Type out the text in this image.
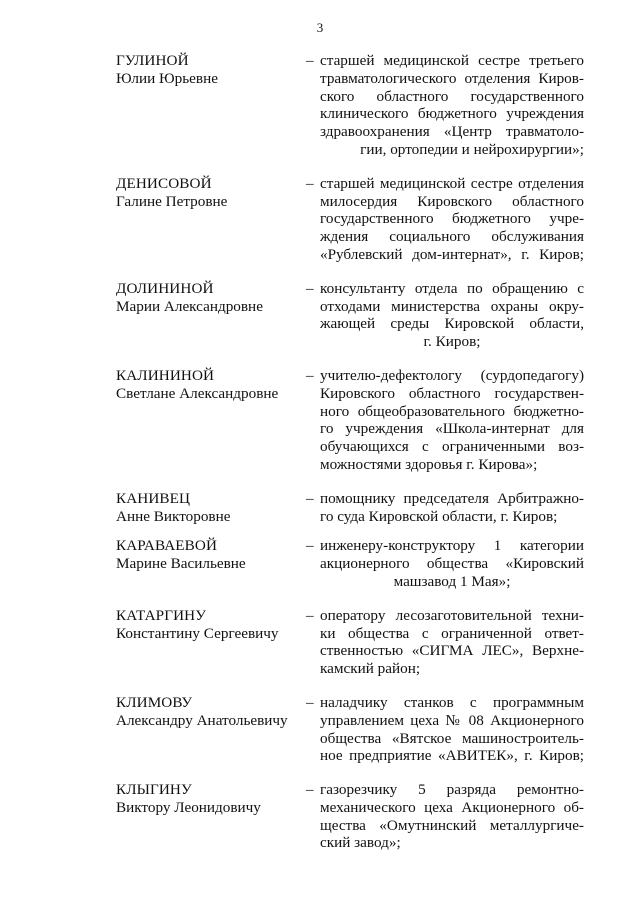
3
ГУЛИНОЙ
Юлии Юрьевне
– старшей медицинской сестре третьего
травматологического отделения Киров-
ского областного государственного
клинического бюджетного учреждения
здравоохранения «Центр травматоло-
гии, ортопедии и нейрохирургии»;
ДЕНИСОВОЙ
Галине Петровне
– старшей медицинской сестре отделения
милосердия Кировского областного
государственного бюджетного учре-
ждения социального обслуживания
«Рублевский дом-интернат», г. Киров;
ДОЛИНИНОЙ
Марии Александровне
– консультанту отдела по обращению с
отходами министерства охраны окру-
жающей среды Кировской области,
г. Киров;
КАЛИНИНОЙ
Светлане Александровне
– учителю-дефектологу (сурдопедагогу)
Кировского областного государствен-
ного общеобразовательного бюджетно-
го учреждения «Школа-интернат для
обучающихся с ограниченными воз-
можностями здоровья г. Кирова»;
КАНИВЕЦ
Анне Викторовне
– помощнику председателя Арбитражно-
го суда Кировской области, г. Киров;
КАРАВАЕВОЙ
Марине Васильевне
– инженеру-конструктору 1 категории
акционерного общества «Кировский
машзавод 1 Мая»;
КАТАРГИНУ
Константину Сергеевичу
– оператору лесозаготовительной техни-
ки общества с ограниченной ответ-
ственностью «СИГМА ЛЕС», Верхне-
камский район;
КЛИМОВУ
Александру Анатольевичу
– наладчику станков с программным
управлением цеха № 08 Акционерного
общества «Вятское машиностроитель-
ное предприятие «АВИТЕК», г. Киров;
КЛЫГИНУ
Виктору Леонидовичу
– газорезчику 5 разряда ремонтно-
механического цеха Акционерного об-
щества «Омутнинский металлургиче-
ский завод»;
